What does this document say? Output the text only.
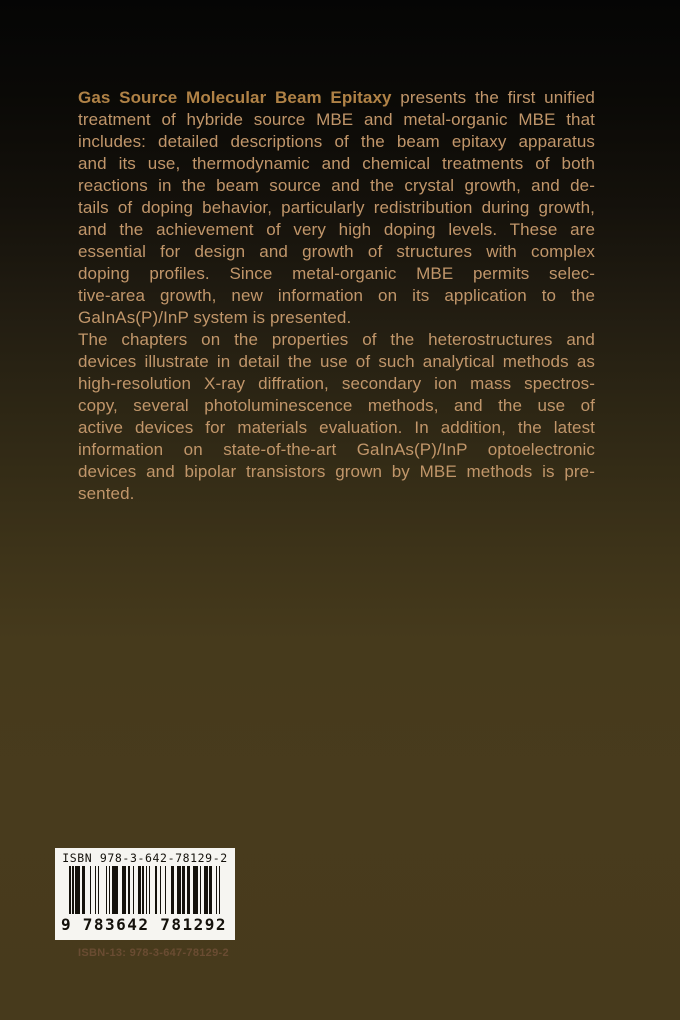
Gas Source Molecular Beam Epitaxy presents the first unified
treatment of hybride source MBE and metal-organic MBE that
includes: detailed descriptions of the beam epitaxy apparatus
and its use, thermodynamic and chemical treatments of both
reactions in the beam source and the crystal growth, and de-
tails of doping behavior, particularly redistribution during growth,
and the achievement of very high doping levels. These are
essential for design and growth of structures with complex
doping profiles. Since metal-organic MBE permits selec-
tive-area growth, new information on its application to the
GaInAs(P)/InP system is presented.
The chapters on the properties of the heterostructures and
devices illustrate in detail the use of such analytical methods as
high-resolution X-ray diffration, secondary ion mass spectros-
copy, several photoluminescence methods, and the use of
active devices for materials evaluation. In addition, the latest
information on state-of-the-art GaInAs(P)/InP optoelectronic
devices and bipolar transistors grown by MBE methods is pre-
sented.
ISBN 978-3-642-78129-2
9 783642 781292
ISBN-13: 978-3-647-78129-2
